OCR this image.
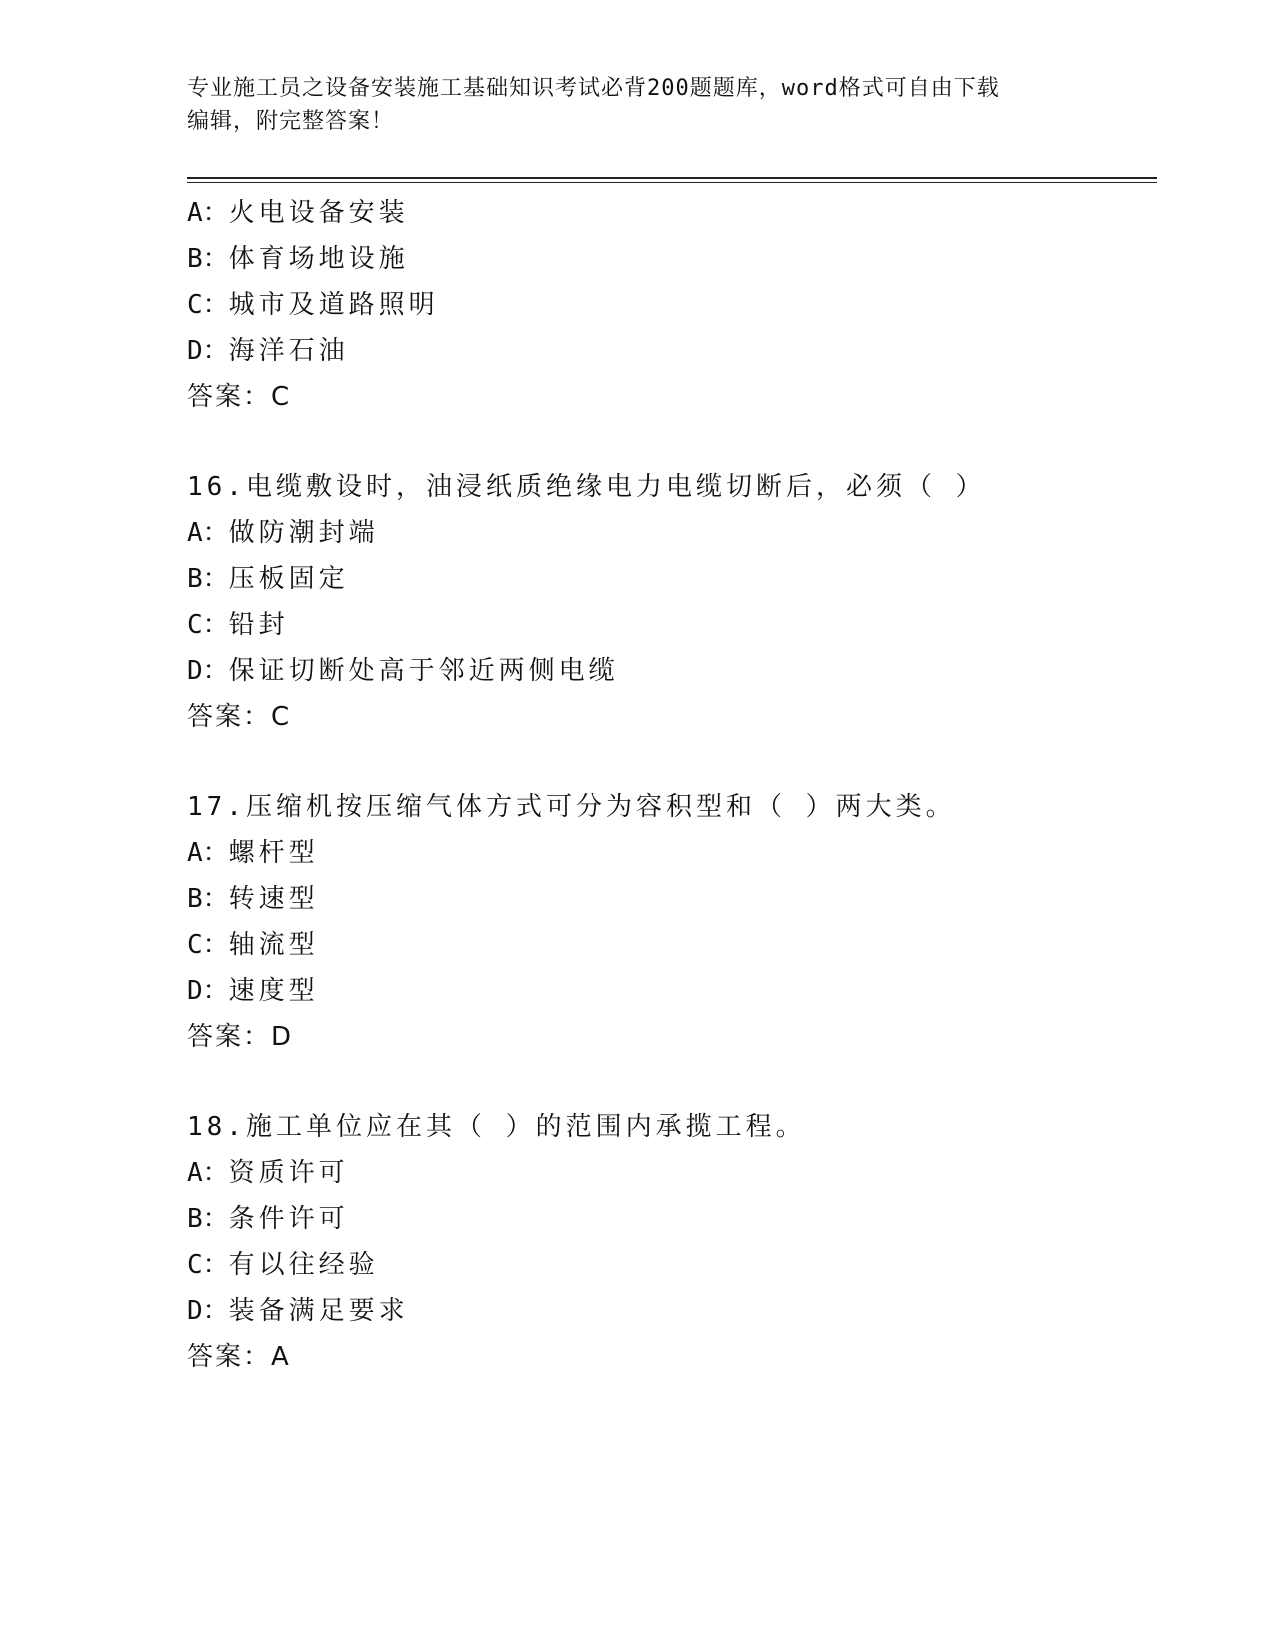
专业施工员之设备安装施工基础知识考试必背200题题库，word格式可自由下载
编辑，附完整答案！
A：火电设备安装
B：体育场地设施
C：城市及道路照明
D：海洋石油
答案：C
16.电缆敷设时，油浸纸质绝缘电力电缆切断后，必须（ ）
A：做防潮封端
B：压板固定
C：铅封
D：保证切断处高于邻近两侧电缆
答案：C
17.压缩机按压缩气体方式可分为容积型和（ ）两大类。
A：螺杆型
B：转速型
C：轴流型
D：速度型
答案：D
18.施工单位应在其（ ）的范围内承揽工程。
A：资质许可
B：条件许可
C：有以往经验
D：装备满足要求
答案：A
